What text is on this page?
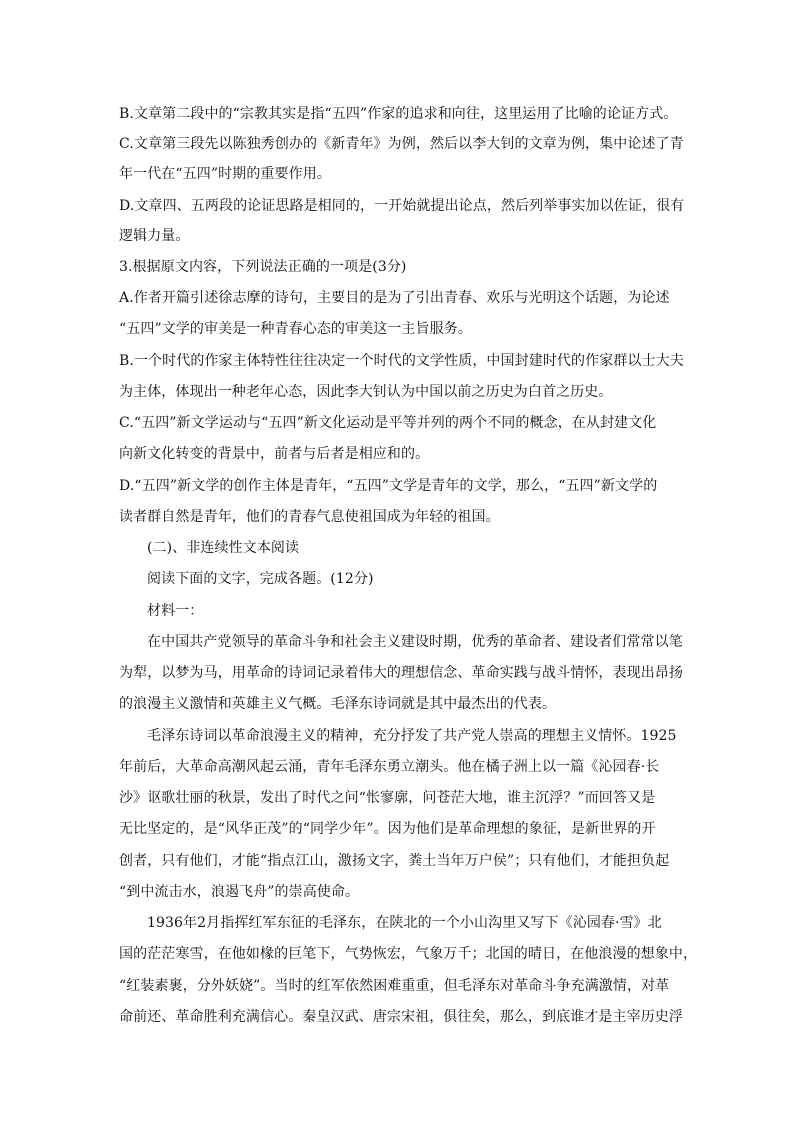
B.文章第二段中的“宗教其实是指“五四”作家的追求和向往，这里运用了比喻的论证方式。
C.文章第三段先以陈独秀创办的《新青年》为例，然后以李大钊的文章为例，集中论述了青
年一代在“五四”时期的重要作用。
D.文章四、五两段的论证思路是相同的，一开始就提出论点，然后列举事实加以佐证，很有
逻辑力量。
3.根据原文内容，下列说法正确的一项是(3分)
A.作者开篇引述徐志摩的诗句，主要目的是为了引出青春、欢乐与光明这个话题，为论述
“五四”文学的审美是一种青春心态的审美这一主旨服务。
B.一个时代的作家主体特性往往决定一个时代的文学性质，中国封建时代的作家群以士大夫
为主体，体现出一种老年心态，因此李大钊认为中国以前之历史为白首之历史。
C.“五四”新文学运动与“五四”新文化运动是平等并列的两个不同的概念，在从封建文化
向新文化转变的背景中，前者与后者是相应和的。
D.“五四”新文学的创作主体是青年，“五四”文学是青年的文学，那么，“五四”新文学的
读者群自然是青年，他们的青春气息使祖国成为年轻的祖国。
(二)、非连续性文本阅读
阅读下面的文字，完成各题。(12分)
材料一：
在中国共产党领导的革命斗争和社会主义建设时期，优秀的革命者、建设者们常常以笔
为犁，以梦为马，用革命的诗词记录着伟大的理想信念、革命实践与战斗情怀，表现出昂扬
的浪漫主义激情和英雄主义气概。毛泽东诗词就是其中最杰出的代表。
毛泽东诗词以革命浪漫主义的精神，充分抒发了共产党人崇高的理想主义情怀。1925
年前后，大革命高潮风起云涌，青年毛泽东勇立潮头。他在橘子洲上以一篇《沁园春·长
沙》讴歌壮丽的秋景，发出了时代之问“怅寥廓，问苍茫大地，谁主沉浮？”而回答又是
无比坚定的，是“风华正茂”的“同学少年”。因为他们是革命理想的象征，是新世界的开
创者，只有他们，才能“指点江山，激扬文字，粪土当年万户侯”；只有他们，才能担负起
“到中流击水，浪遏飞舟”的崇高使命。
1936年2月指挥红军东征的毛泽东，在陕北的一个小山沟里又写下《沁园春·雪》北
国的茫茫寒雪，在他如椽的巨笔下，气势恢宏，气象万千；北国的晴日，在他浪漫的想象中，
“红装素裹，分外妖娆”。当时的红军依然困难重重，但毛泽东对革命斗争充满激情，对革
命前还、革命胜利充满信心。秦皇汉武、唐宗宋祖，俱往矣，那么，到底谁才是主宰历史浮
